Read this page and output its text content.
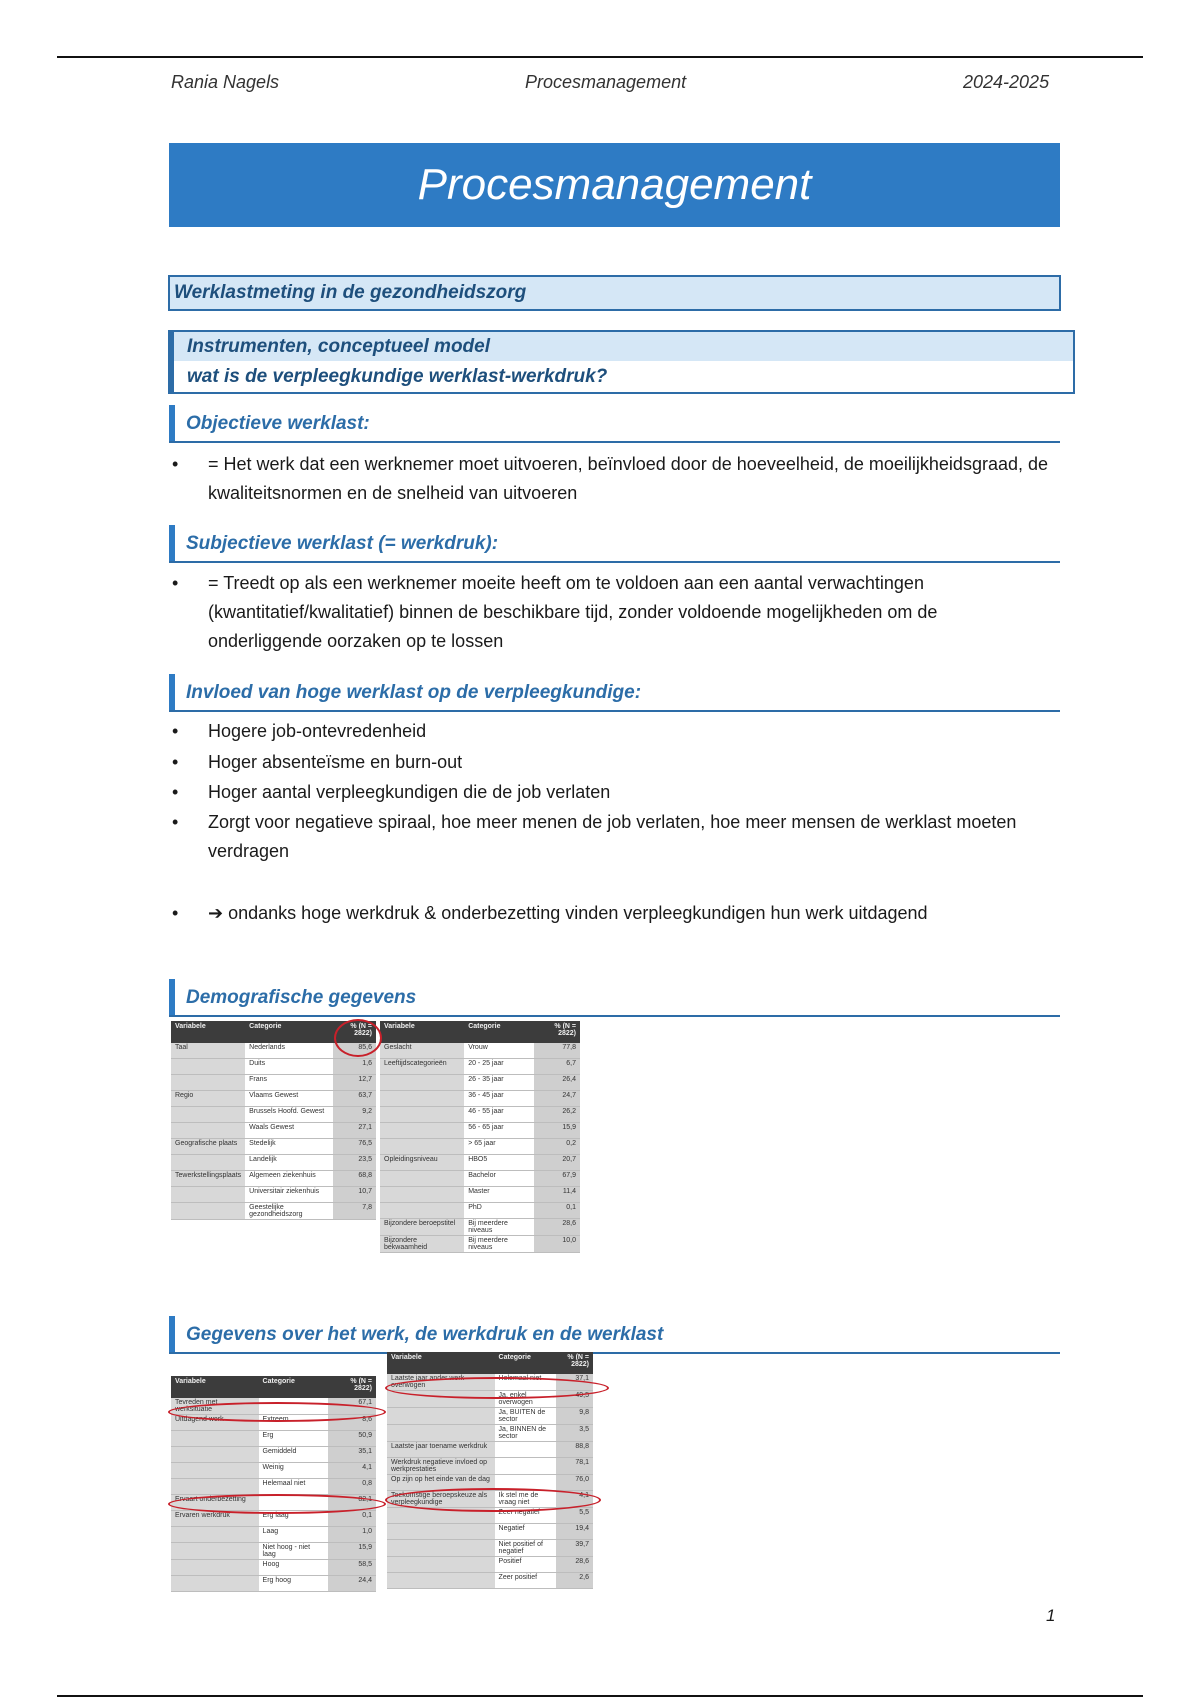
Rania Nagels	Procesmanagement	2024-2025
Procesmanagement
Werklastmeting in de gezondheidszorg
Instrumenten, conceptueel model
wat is de verpleegkundige werklast-werkdruk?
Objectieve werklast:
• = Het werk dat een werknemer moet uitvoeren, beïnvloed door de hoeveelheid, de moeilijkheidsgraad, de kwaliteitsnormen en de snelheid van uitvoeren
Subjectieve werklast (= werkdruk):
• = Treedt op als een werknemer moeite heeft om te voldoen aan een aantal verwachtingen (kwantitatief/kwalitatief) binnen de beschikbare tijd, zonder voldoende mogelijkheden om de onderliggende oorzaken op te lossen
Invloed van hoge werklast op de verpleegkundige:
• Hogere job-ontevredenheid
• Hoger absenteïsme en burn-out
• Hoger aantal verpleegkundigen die de job verlaten
• Zorgt voor negatieve spiraal, hoe meer menen de job verlaten, hoe meer mensen de werklast moeten verdragen
• ➔ ondanks hoge werkdruk & onderbezetting vinden verpleegkundigen hun werk uitdagend
Demografische gegevens
Variabele	Categorie	% (N = 2822)
Taal	Nederlands	85,6
	Duits	1,6
	Frans	12,7
Regio	Vlaams Gewest	63,7
	Brussels Hoofd. Gewest	9,2
	Waals Gewest	27,1
Geografische plaats	Stedelijk	76,5
	Landelijk	23,5
Tewerkstellingsplaats	Algemeen ziekenhuis	68,8
	Universitair ziekenhuis	10,7
	Geestelijke gezondheidszorg	7,8
Variabele	Categorie	% (N = 2822)
Geslacht	Vrouw	77,8
Leeftijdscategorieën	20 - 25 jaar	6,7
	26 - 35 jaar	26,4
	36 - 45 jaar	24,7
	46 - 55 jaar	26,2
	56 - 65 jaar	15,9
	> 65 jaar	0,2
Opleidingsniveau	HBO5	20,7
	Bachelor	67,9
	Master	11,4
	PhD	0,1
Bijzondere beroepstitel	Bij meerdere niveaus	28,6
Bijzondere bekwaamheid	Bij meerdere niveaus	10,0
Gegevens over het werk, de werkdruk en de werklast
Variabele	Categorie	% (N = 2822)
Tevreden met werksituatie		67,1
Uitdagend werk	Extreem	8,6
	Erg	50,9
	Gemiddeld	35,1
	Weinig	4,1
	Helemaal niet	0,8
Ervaart onderbezetting		82,1
Ervaren werkdruk	Erg laag	0,1
	Laag	1,0
	Niet hoog - niet laag	15,9
	Hoog	58,5
	Erg hoog	24,4
Variabele	Categorie	% (N = 2822)
Laatste jaar ander werk overwogen	Helemaal niet	37,1
	Ja, enkel overwogen	49,5
	Ja, BUITEN de sector	9,8
	Ja, BINNEN de sector	3,5
Laatste jaar toename werkdruk		88,8
Werkdruk negatieve invloed op werkprestaties		78,1
Op zijn op het einde van de dag		76,0
Toekomstige beroepskeuze als verpleegkundige	Ik stel me de vraag niet	4,1
	Zeer negatief	5,5
	Negatief	19,4
	Niet positief of negatief	39,7
	Positief	28,6
	Zeer positief	2,6
1
